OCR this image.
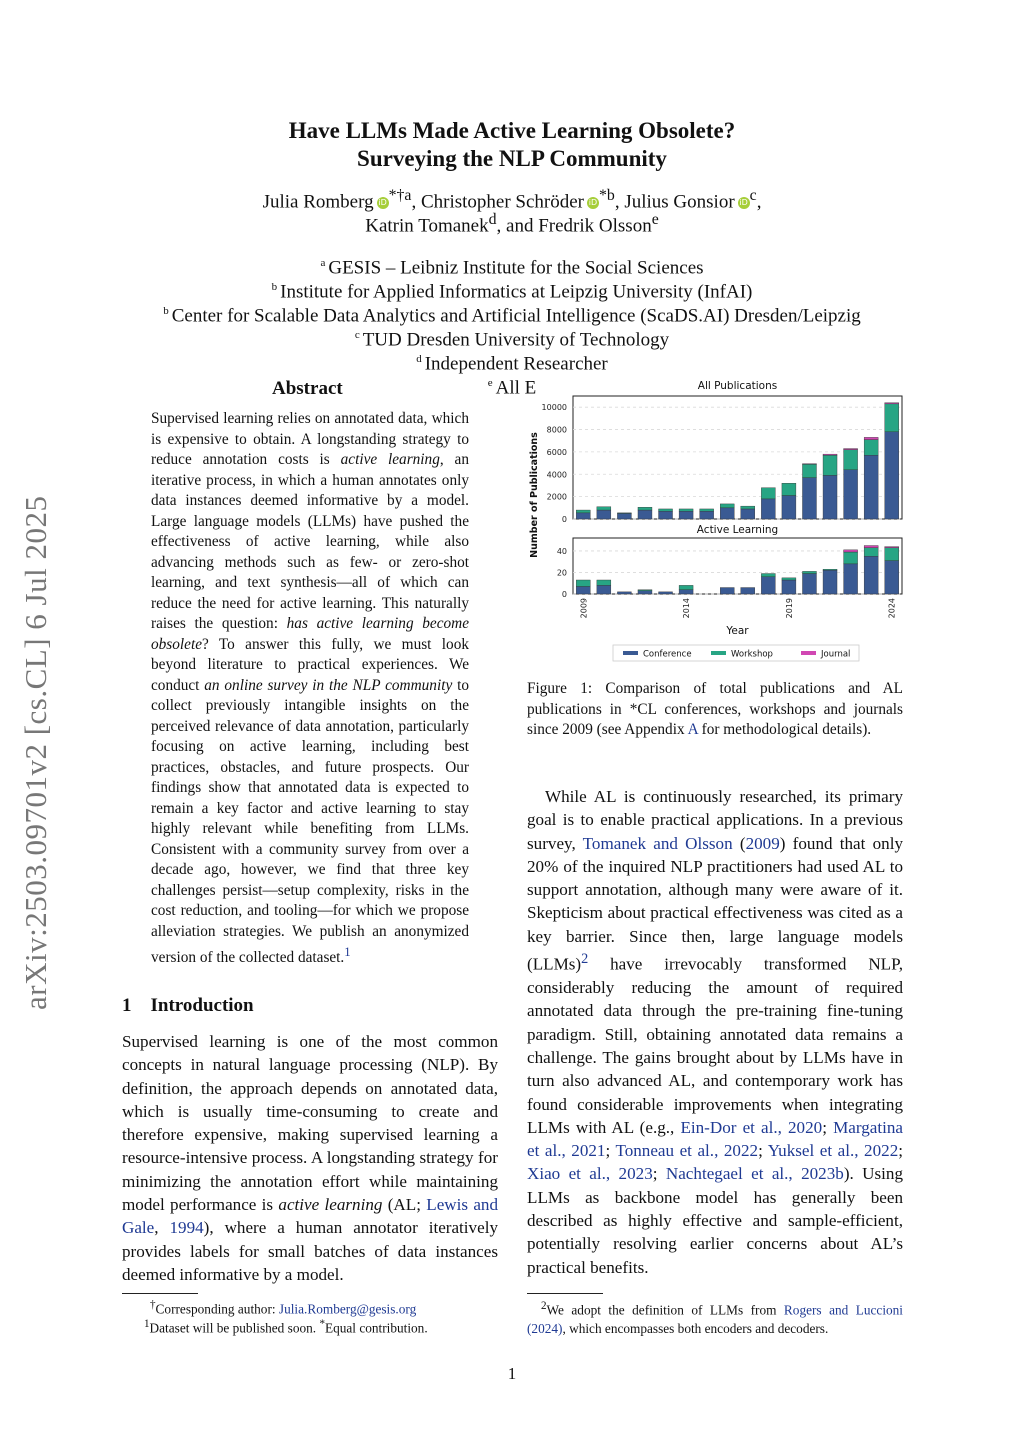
Have LLMs Made Active Learning Obsolete?
Surveying the NLP Community
Julia Romberg iD $^{*\dagger a}$, Christopher Schröder iD $^{*b}$, Julius Gonsior iD $^c$,
Katrin Tomanek$^d$, and Fredrik Olsson$^e$
$^a$ GESIS – Leibniz Institute for the Social Sciences
$^b$ Institute for Applied Informatics at Leipzig University (InfAI)
$^b$ Center for Scalable Data Analytics and Artificial Intelligence (ScaDS.AI) Dresden/Leipzig
$^c$ TUD Dresden University of Technology
$^d$ Independent Researcher
$^e$ All E
arXiv:2503.09701v2 [cs.CL] 6 Jul 2025
Abstract
Supervised learning relies on annotated data, which is expensive to obtain. A longstanding strategy to reduce annotation costs is active learning, an iterative process, in which a human annotates only data instances deemed informative by a model. Large language models (LLMs) have pushed the effectiveness of active learning, while also advancing methods such as few- or zero-shot learning, and text synthesis—all of which can reduce the need for active learning. This naturally raises the question: has active learning become obsolete? To answer this fully, we must look beyond literature to practical experiences. We conduct an online survey in the NLP community to collect previously intangible insights on the perceived relevance of data annotation, particularly focusing on active learning, including best practices, obstacles, and future prospects. Our findings show that annotated data is expected to remain a key factor and active learning to stay highly relevant while benefiting from LLMs. Consistent with a community survey from over a decade ago, however, we find that three key challenges persist—setup complexity, risks in the cost reduction, and tooling—for which we propose alleviation strategies. We publish an anonymized version of the collected dataset.$^1$
1 Introduction
Supervised learning is one of the most common concepts in natural language processing (NLP). By definition, the approach depends on annotated data, which is usually time-consuming to create and therefore expensive, making supervised learning a resource-intensive process. A longstanding strategy for minimizing the annotation effort while maintaining model performance is active learning (AL; Lewis and Gale, 1994), where a human annotator iteratively provides labels for small batches of data instances deemed informative by a model.
†Corresponding author: Julia.Romberg@gesis.org
$^1$Dataset will be published soon. *Equal contribution.
0
2000
4000
6000
8000
10000
All Publications
0
20
40
Active Learning
2009	2014	2019	2024
Year
Number of Publications
Conference	Workshop	Journal
Figure 1: Comparison of total publications and AL publications in *CL conferences, workshops and journals since 2009 (see Appendix A for methodological details).
While AL is continuously researched, its primary goal is to enable practical applications. In a previous survey, Tomanek and Olsson (2009) found that only 20% of the inquired NLP practitioners had used AL to support annotation, although many were aware of it. Skepticism about practical effectiveness was cited as a key barrier. Since then, large language models (LLMs)$^2$ have irrevocably transformed NLP, considerably reducing the amount of required annotated data through the pre-training fine-tuning paradigm. Still, obtaining annotated data remains a challenge. The gains brought about by LLMs have in turn also advanced AL, and contemporary work has found considerable improvements when integrating LLMs with AL (e.g., Ein-Dor et al., 2020; Margatina et al., 2021; Tonneau et al., 2022; Yuksel et al., 2022; Xiao et al., 2023; Nachtegael et al., 2023b). Using LLMs as backbone model has generally been described as highly effective and sample-efficient, potentially resolving earlier concerns about AL’s practical benefits.
$^2$We adopt the definition of LLMs from Rogers and Luccioni (2024), which encompasses both encoders and decoders.
1
